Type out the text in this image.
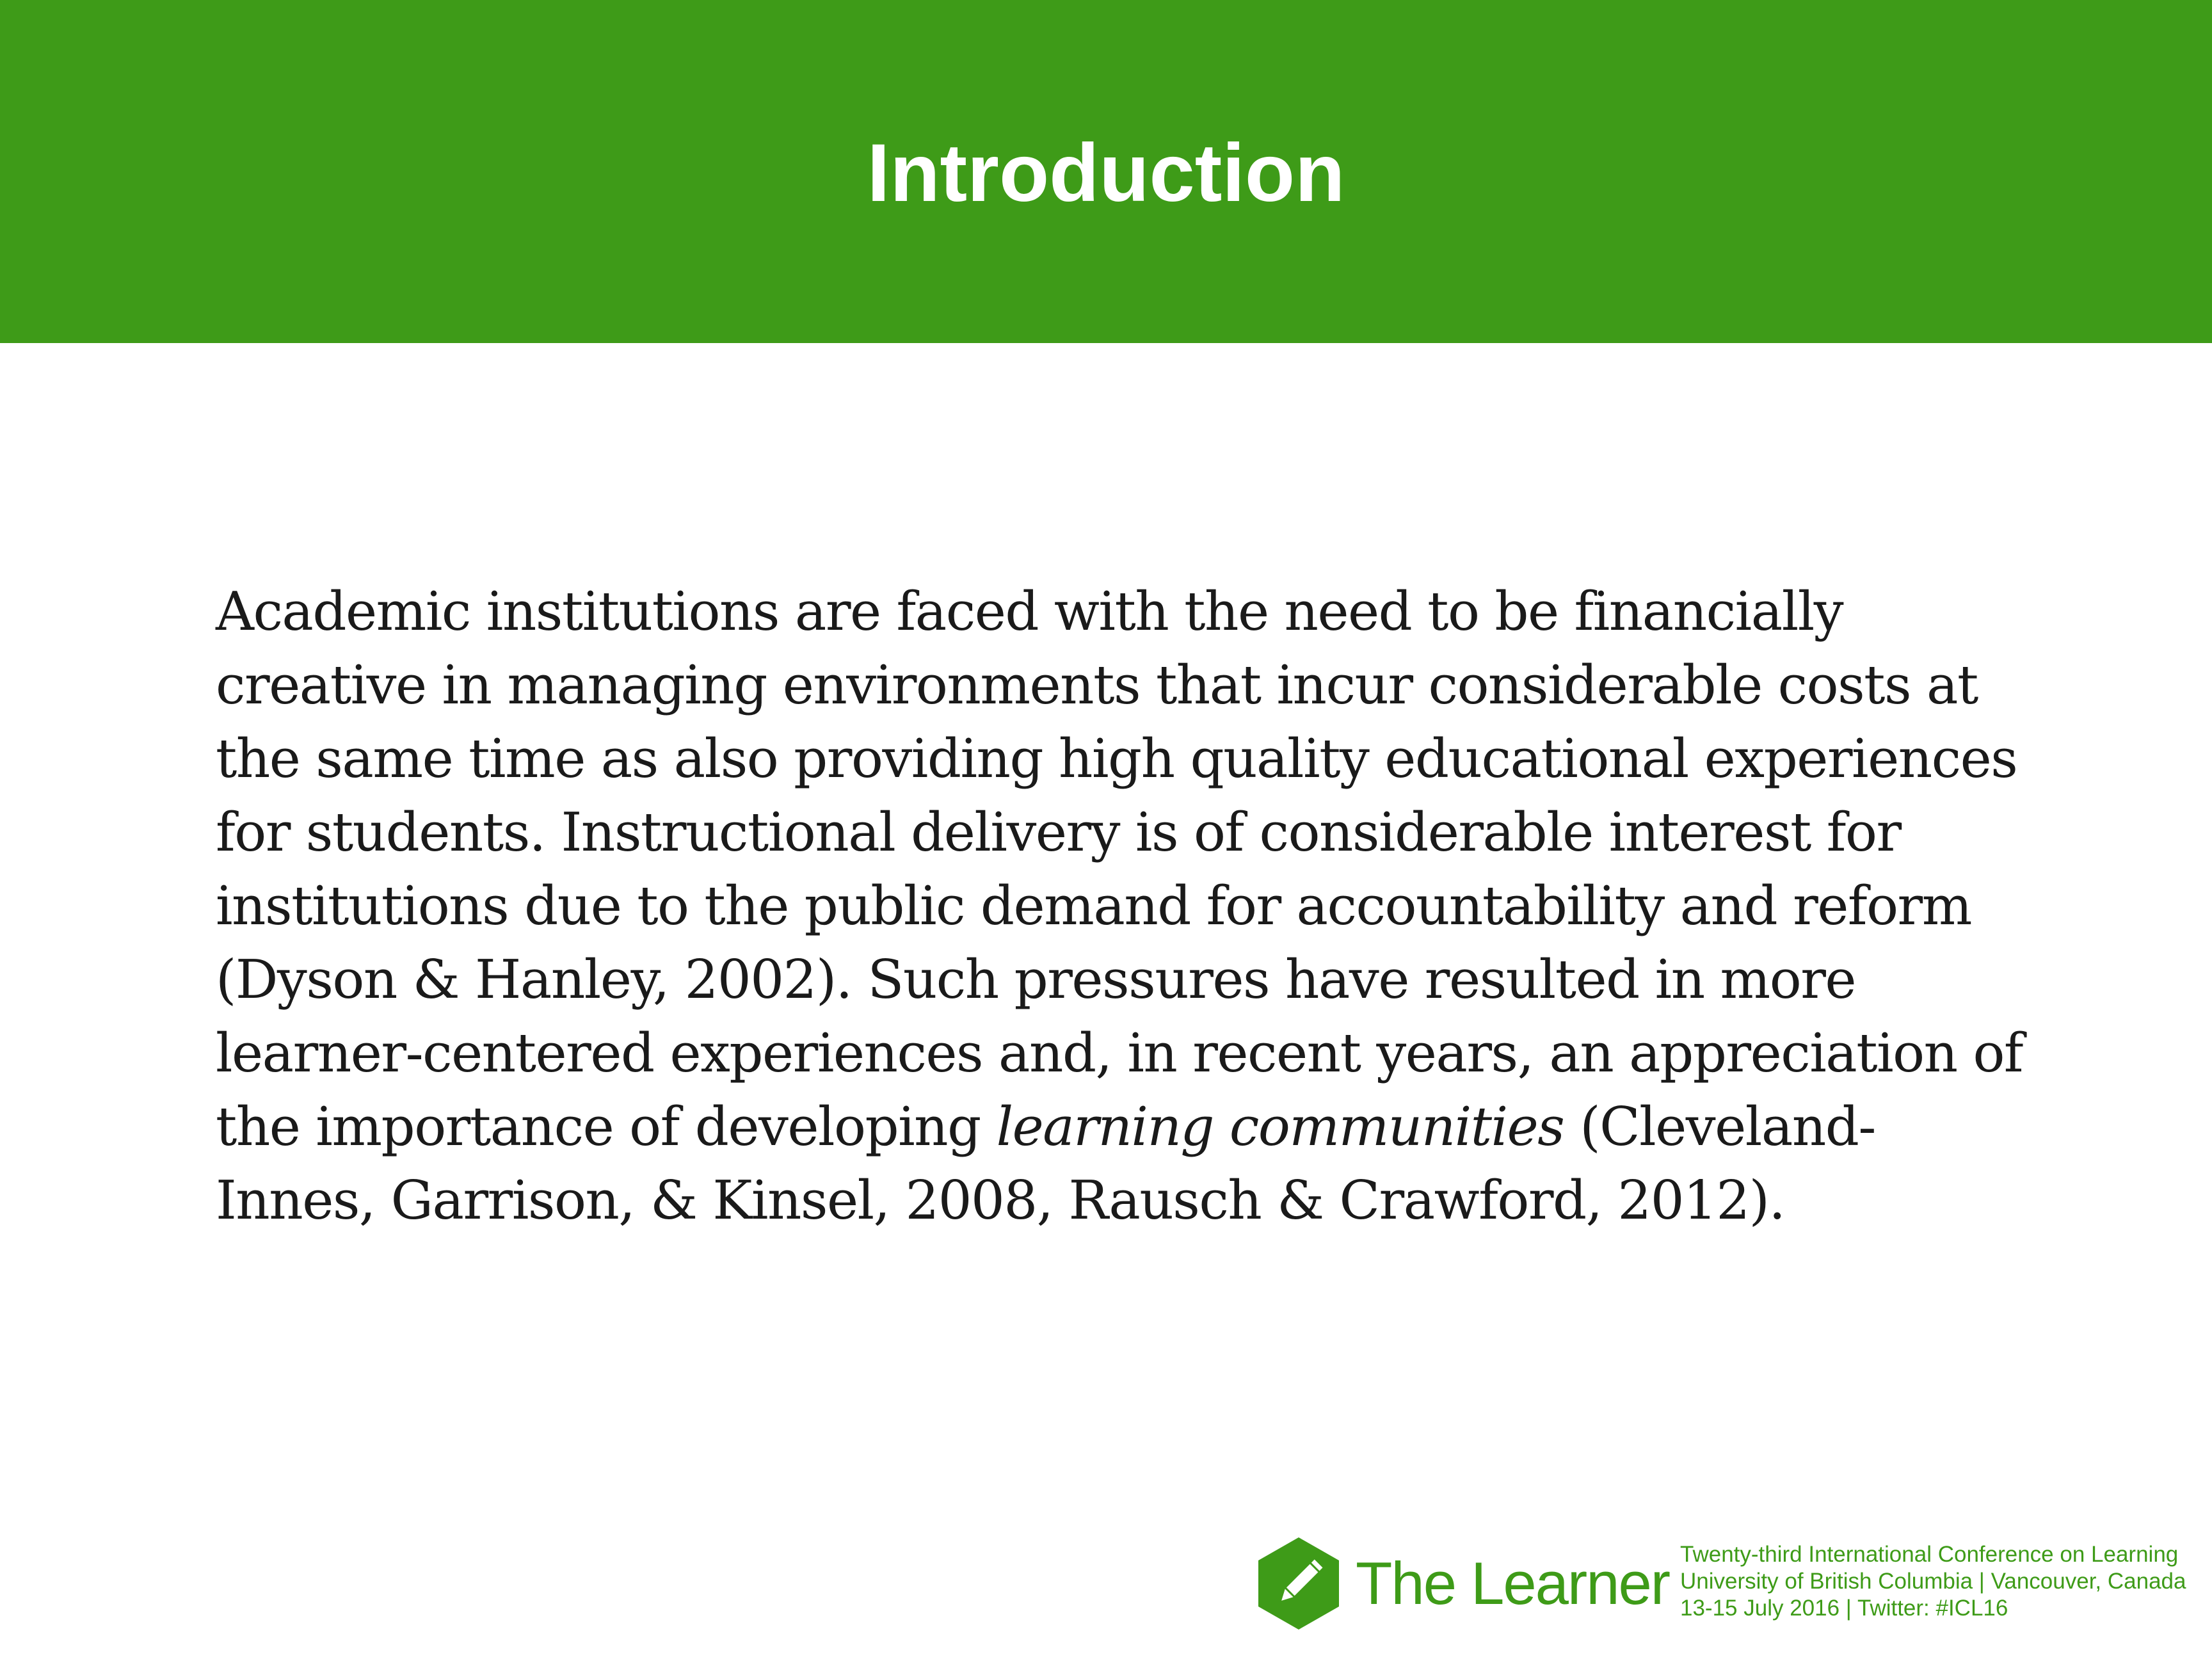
Introduction
Academic institutions are faced with the need to be financially
creative in managing environments that incur considerable costs at
the same time as also providing high quality educational experiences
for students. Instructional delivery is of considerable interest for
institutions due to the public demand for accountability and reform
(Dyson & Hanley, 2002). Such pressures have resulted in more
learner-centered experiences and, in recent years, an appreciation of
the importance of developing learning communities (Cleveland-
Innes, Garrison, & Kinsel, 2008, Rausch & Crawford, 2012).
The Learner Twenty-third International Conference on Learning
University of British Columbia | Vancouver, Canada
13-15 July 2016 | Twitter: #ICL16
